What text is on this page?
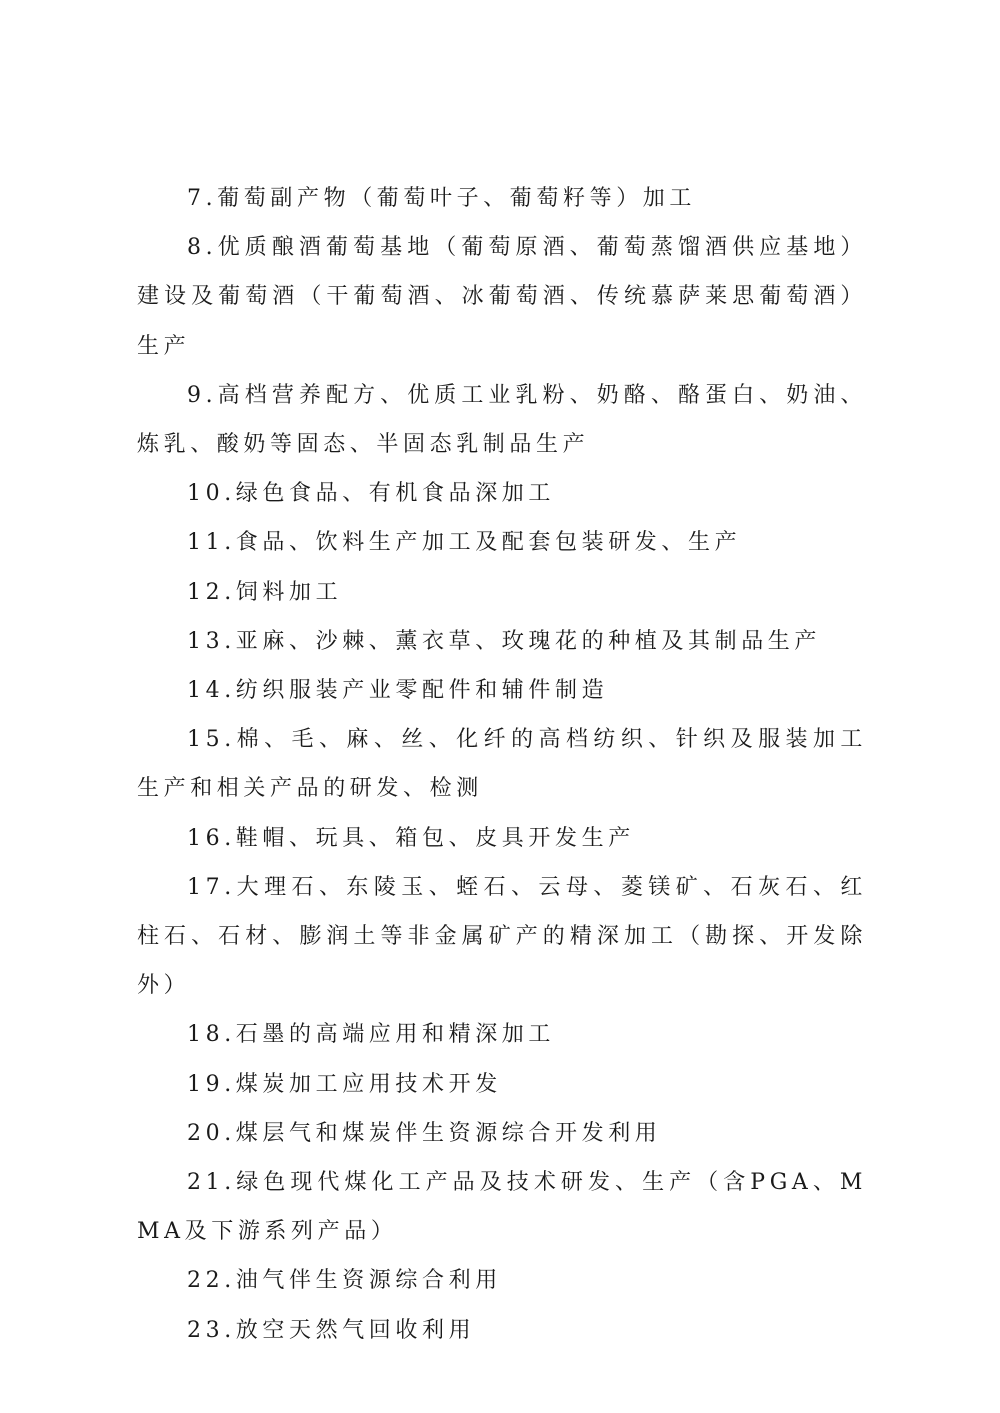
7.葡萄副产物（葡萄叶子、葡萄籽等）加工

8.优质酿酒葡萄基地（葡萄原酒、葡萄蒸馏酒供应基地）建设及葡萄酒（干葡萄酒、冰葡萄酒、传统慕萨莱思葡萄酒）生产

9.高档营养配方、优质工业乳粉、奶酪、酪蛋白、奶油、炼乳、酸奶等固态、半固态乳制品生产

10.绿色食品、有机食品深加工

11.食品、饮料生产加工及配套包装研发、生产

12.饲料加工

13.亚麻、沙棘、薰衣草、玫瑰花的种植及其制品生产

14.纺织服装产业零配件和辅件制造

15.棉、毛、麻、丝、化纤的高档纺织、针织及服装加工生产和相关产品的研发、检测

16.鞋帽、玩具、箱包、皮具开发生产

17.大理石、东陵玉、蛭石、云母、菱镁矿、石灰石、红柱石、石材、膨润土等非金属矿产的精深加工（勘探、开发除外）

18.石墨的高端应用和精深加工

19.煤炭加工应用技术开发

20.煤层气和煤炭伴生资源综合开发利用

21.绿色现代煤化工产品及技术研发、生产（含PGA、MMA及下游系列产品）

22.油气伴生资源综合利用

23.放空天然气回收利用
